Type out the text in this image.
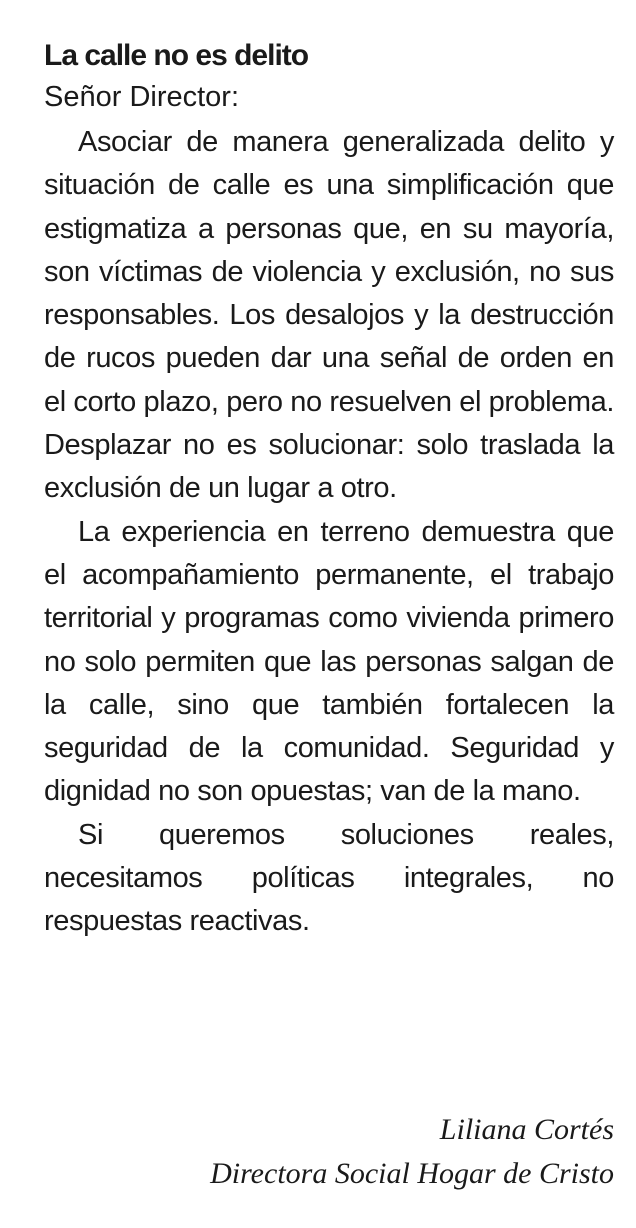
La calle no es delito

Señor Director:

Asociar de manera generalizada delito y situación de calle es una simplificación que estigmatiza a personas que, en su mayoría, son víctimas de violencia y exclusión, no sus responsables. Los desalojos y la destrucción de rucos pueden dar una señal de orden en el corto plazo, pero no resuelven el problema. Desplazar no es solucionar: solo traslada la exclusión de un lugar a otro.

La experiencia en terreno demuestra que el acompañamiento permanente, el trabajo territorial y programas como vivienda primero no solo permiten que las personas salgan de la calle, sino que también fortalecen la seguridad de la comunidad. Seguridad y dignidad no son opuestas; van de la mano.

Si queremos soluciones reales, necesitamos políticas integrales, no respuestas reactivas.

Liliana Cortés
Directora Social Hogar de Cristo
